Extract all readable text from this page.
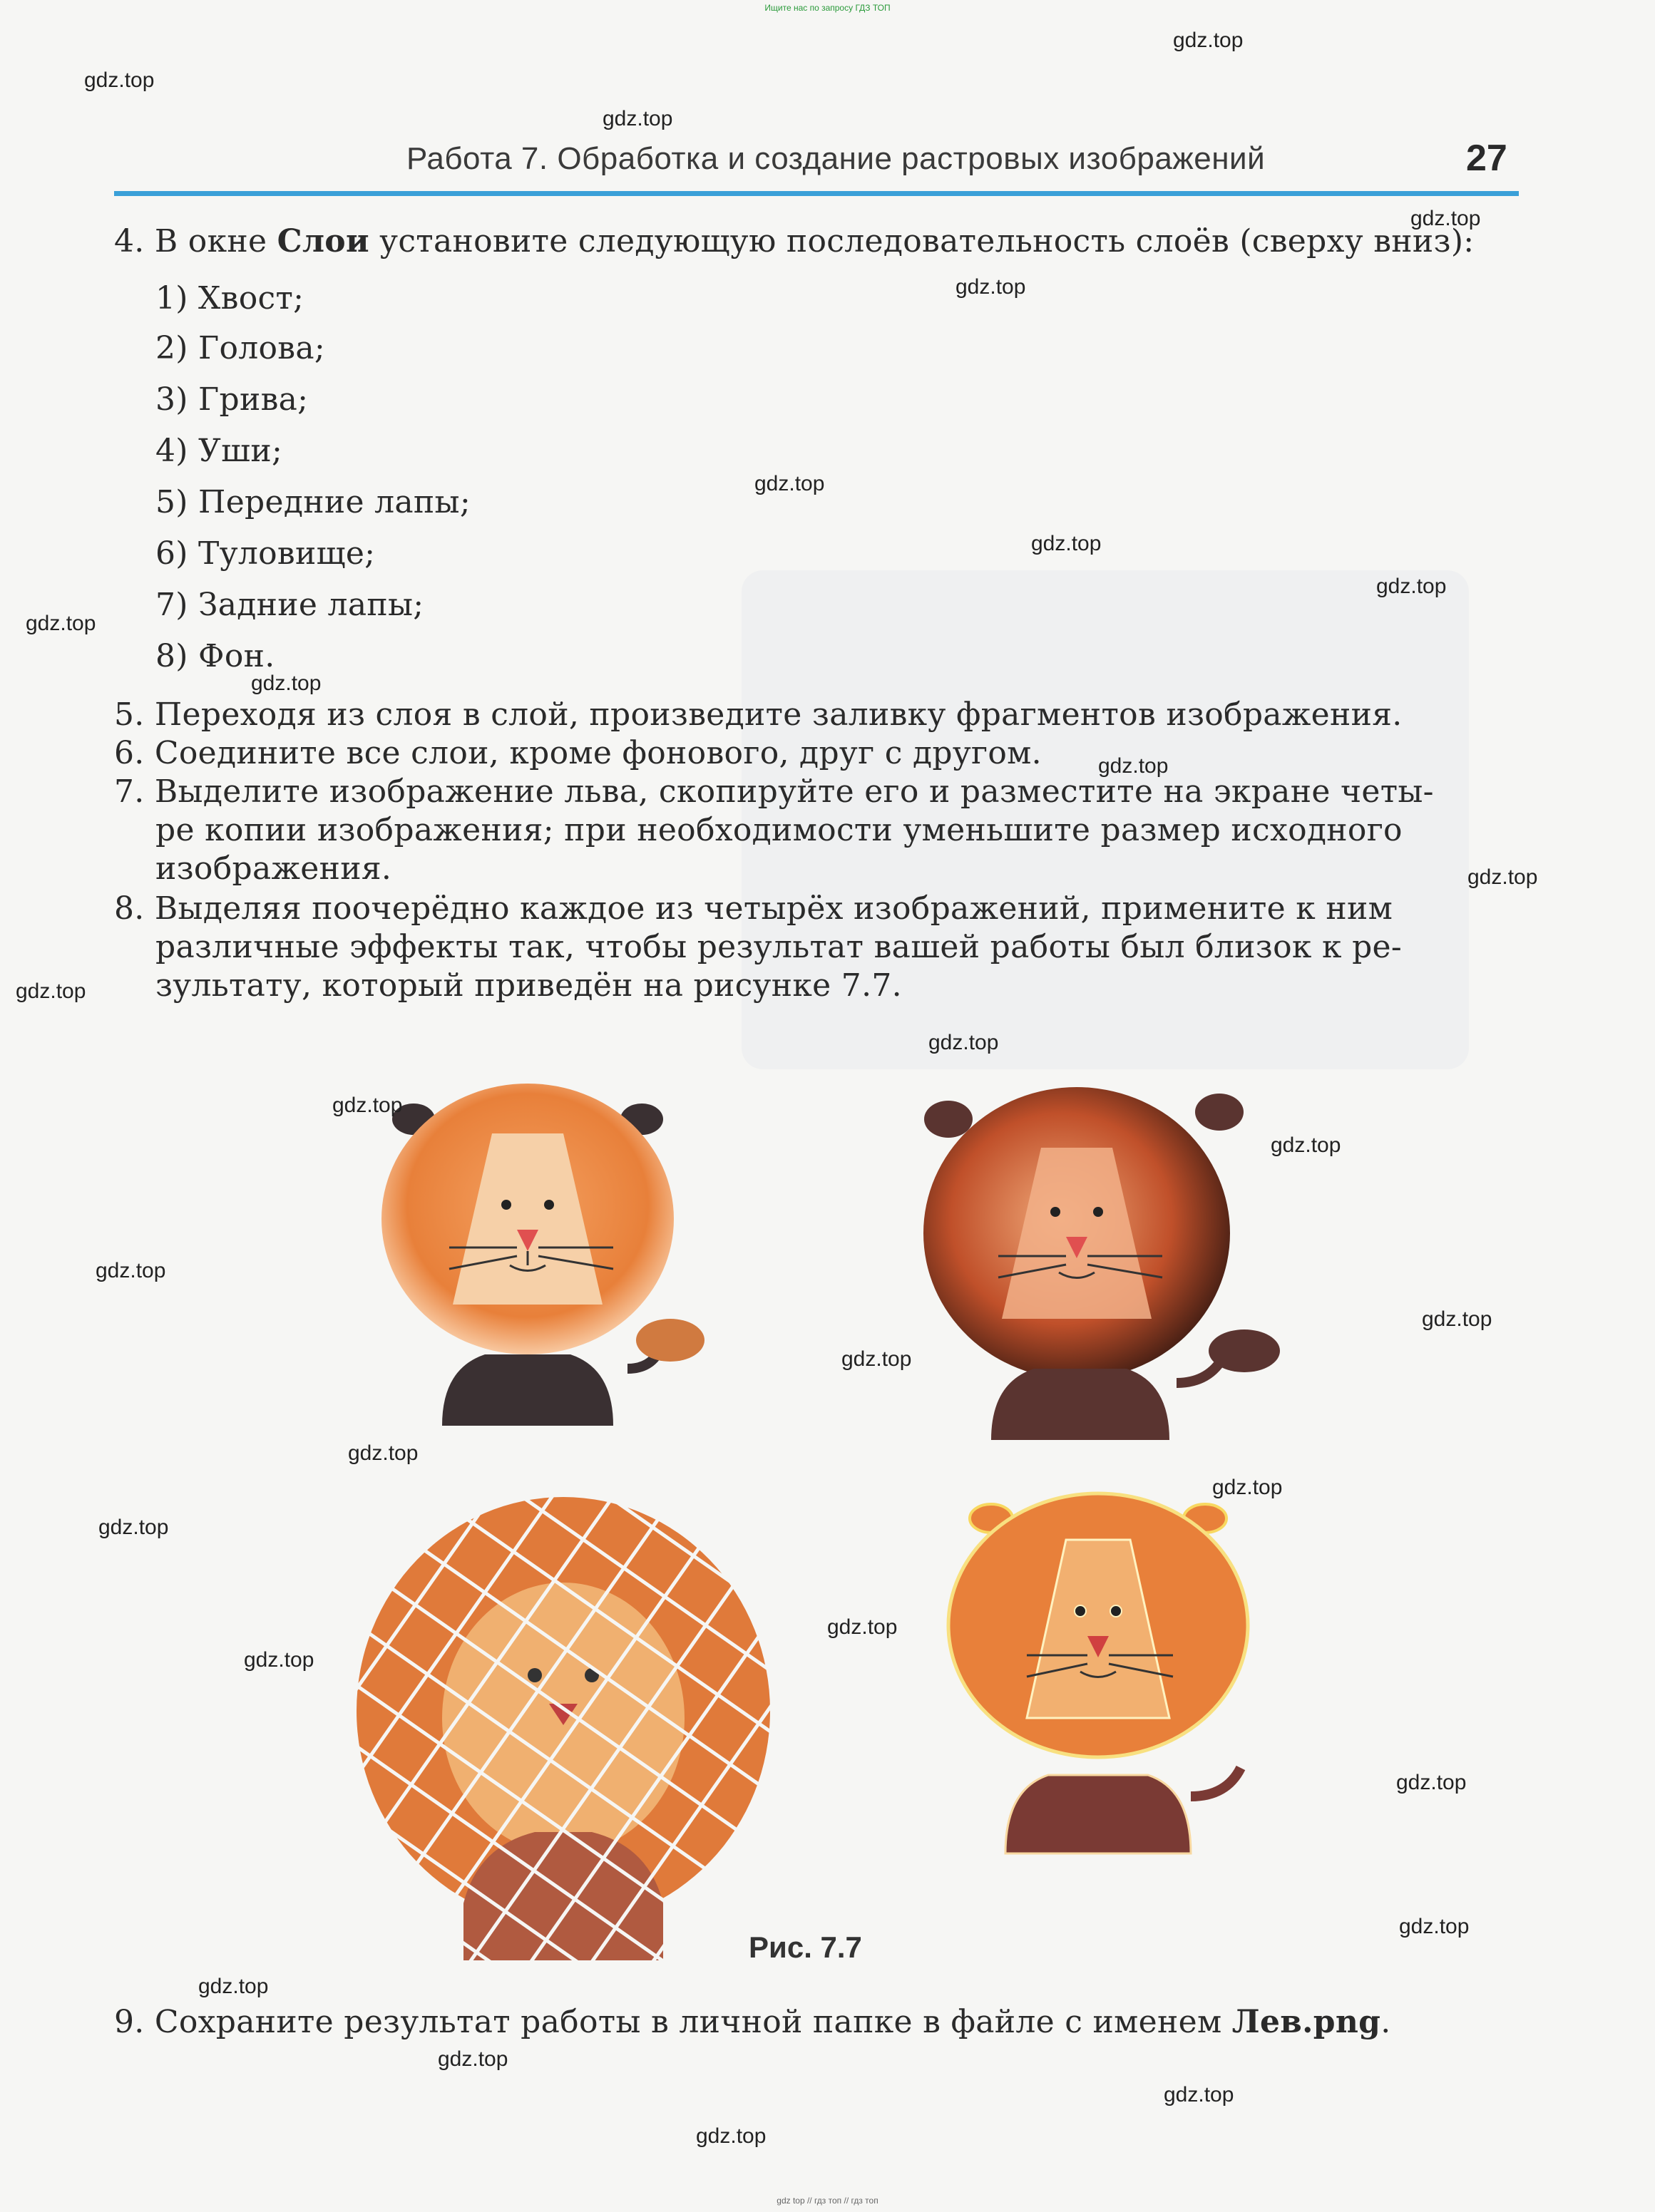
Ищите нас по запросу ГДЗ ТОП
Работа 7. Обработка и создание растровых изображений	27
4. В окне Слои установите следующую последовательность слоёв (сверху вниз):
1) Хвост;
2) Голова;
3) Грива;
4) Уши;
5) Передние лапы;
6) Туловище;
7) Задние лапы;
8) Фон.
5. Переходя из слоя в слой, произведите заливку фрагментов изображения.
6. Соедините все слои, кроме фонового, друг с другом.
7. Выделите изображение льва, скопируйте его и разместите на экране четы-
ре копии изображения; при необходимости уменьшите размер исходного
изображения.
8. Выделяя поочерёдно каждое из четырёх изображений, примените к ним
различные эффекты так, чтобы результат вашей работы был близок к ре-
зультату, который приведён на рисунке 7.7.
Рис. 7.7
9. Сохраните результат работы в личной папке в файле с именем Лев.png.
gdz.top
gdz.top
gdz.top
gdz.top
gdz.top
gdz.top
gdz.top
gdz.top
gdz.top
gdz.top
gdz.top
gdz.top
gdz.top
gdz.top
gdz.top
gdz.top
gdz.top
gdz.top
gdz.top
gdz.top
gdz.top
gdz.top
gdz.top
gdz.top
gdz.top
gdz.top
gdz.top
gdz.top
gdz.top
gdz.top
gdz top // гдз топ // гдз топ
